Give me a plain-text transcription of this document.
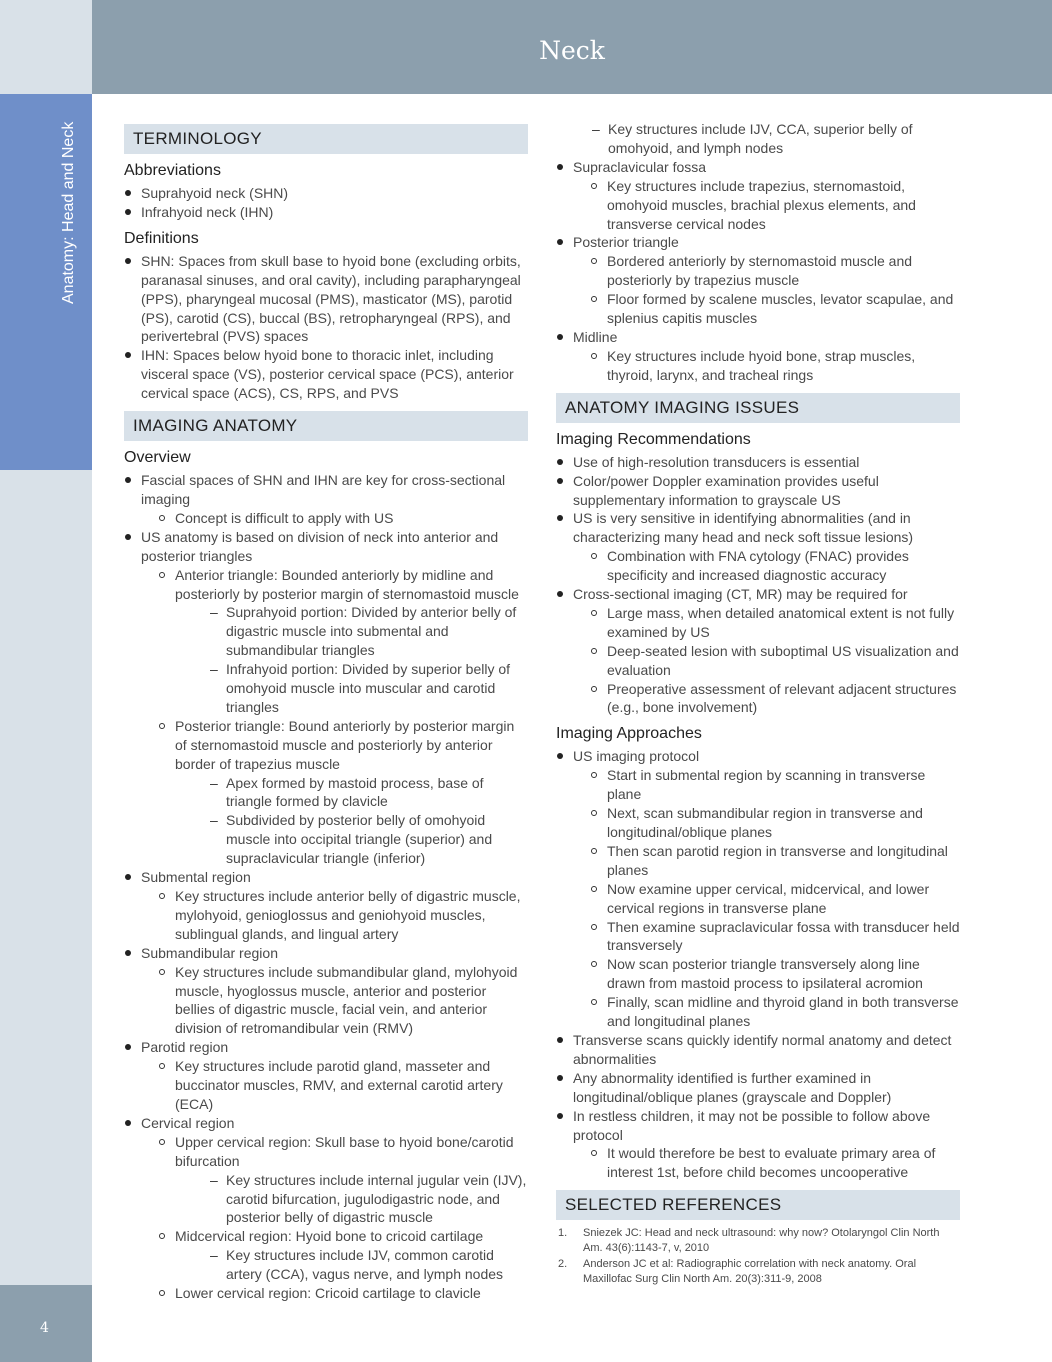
Neck
Anatomy: Head and Neck
4
TERMINOLOGY
Abbreviations
Suprahyoid neck (SHN)
Infrahyoid neck (IHN)
Definitions
SHN: Spaces from skull base to hyoid bone (excluding orbits, paranasal sinuses, and oral cavity), including parapharyngeal (PPS), pharyngeal mucosal (PMS), masticator (MS), parotid (PS), carotid (CS), buccal (BS), retropharyngeal (RPS), and perivertebral (PVS) spaces
IHN: Spaces below hyoid bone to thoracic inlet, including visceral space (VS), posterior cervical space (PCS), anterior cervical space (ACS), CS, RPS, and PVS
IMAGING ANATOMY
Overview
Fascial spaces of SHN and IHN are key for cross-sectional imaging
Concept is difficult to apply with US
US anatomy is based on division of neck into anterior and posterior triangles
Anterior triangle: Bounded anteriorly by midline and posteriorly by posterior margin of sternomastoid muscle
– Suprahyoid portion: Divided by anterior belly of digastric muscle into submental and submandibular triangles
– Infrahyoid portion: Divided by superior belly of omohyoid muscle into muscular and carotid triangles
Posterior triangle: Bound anteriorly by posterior margin of sternomastoid muscle and posteriorly by anterior border of trapezius muscle
– Apex formed by mastoid process, base of triangle formed by clavicle
– Subdivided by posterior belly of omohyoid muscle into occipital triangle (superior) and supraclavicular triangle (inferior)
Submental region
Key structures include anterior belly of digastric muscle, mylohyoid, genioglossus and geniohyoid muscles, sublingual glands, and lingual artery
Submandibular region
Key structures include submandibular gland, mylohyoid muscle, hyoglossus muscle, anterior and posterior bellies of digastric muscle, facial vein, and anterior division of retromandibular vein (RMV)
Parotid region
Key structures include parotid gland, masseter and buccinator muscles, RMV, and external carotid artery (ECA)
Cervical region
Upper cervical region: Skull base to hyoid bone/carotid bifurcation
– Key structures include internal jugular vein (IJV), carotid bifurcation, jugulodigastric node, and posterior belly of digastric muscle
Midcervical region: Hyoid bone to cricoid cartilage
– Key structures include IJV, common carotid artery (CCA), vagus nerve, and lymph nodes
Lower cervical region: Cricoid cartilage to clavicle
– Key structures include IJV, CCA, superior belly of omohyoid, and lymph nodes
Supraclavicular fossa
Key structures include trapezius, sternomastoid, omohyoid muscles, brachial plexus elements, and transverse cervical nodes
Posterior triangle
Bordered anteriorly by sternomastoid muscle and posteriorly by trapezius muscle
Floor formed by scalene muscles, levator scapulae, and splenius capitis muscles
Midline
Key structures include hyoid bone, strap muscles, thyroid, larynx, and tracheal rings
ANATOMY IMAGING ISSUES
Imaging Recommendations
Use of high-resolution transducers is essential
Color/power Doppler examination provides useful supplementary information to grayscale US
US is very sensitive in identifying abnormalities (and in characterizing many head and neck soft tissue lesions)
Combination with FNA cytology (FNAC) provides specificity and increased diagnostic accuracy
Cross-sectional imaging (CT, MR) may be required for
Large mass, when detailed anatomical extent is not fully examined by US
Deep-seated lesion with suboptimal US visualization and evaluation
Preoperative assessment of relevant adjacent structures (e.g., bone involvement)
Imaging Approaches
US imaging protocol
Start in submental region by scanning in transverse plane
Next, scan submandibular region in transverse and longitudinal/oblique planes
Then scan parotid region in transverse and longitudinal planes
Now examine upper cervical, midcervical, and lower cervical regions in transverse plane
Then examine supraclavicular fossa with transducer held transversely
Now scan posterior triangle transversely along line drawn from mastoid process to ipsilateral acromion
Finally, scan midline and thyroid gland in both transverse and longitudinal planes
Transverse scans quickly identify normal anatomy and detect abnormalities
Any abnormality identified is further examined in longitudinal/oblique planes (grayscale and Doppler)
In restless children, it may not be possible to follow above protocol
It would therefore be best to evaluate primary area of interest 1st, before child becomes uncooperative
SELECTED REFERENCES
1. Sniezek JC: Head and neck ultrasound: why now? Otolaryngol Clin North Am. 43(6):1143-7, v, 2010
2. Anderson JC et al: Radiographic correlation with neck anatomy. Oral Maxillofac Surg Clin North Am. 20(3):311-9, 2008
